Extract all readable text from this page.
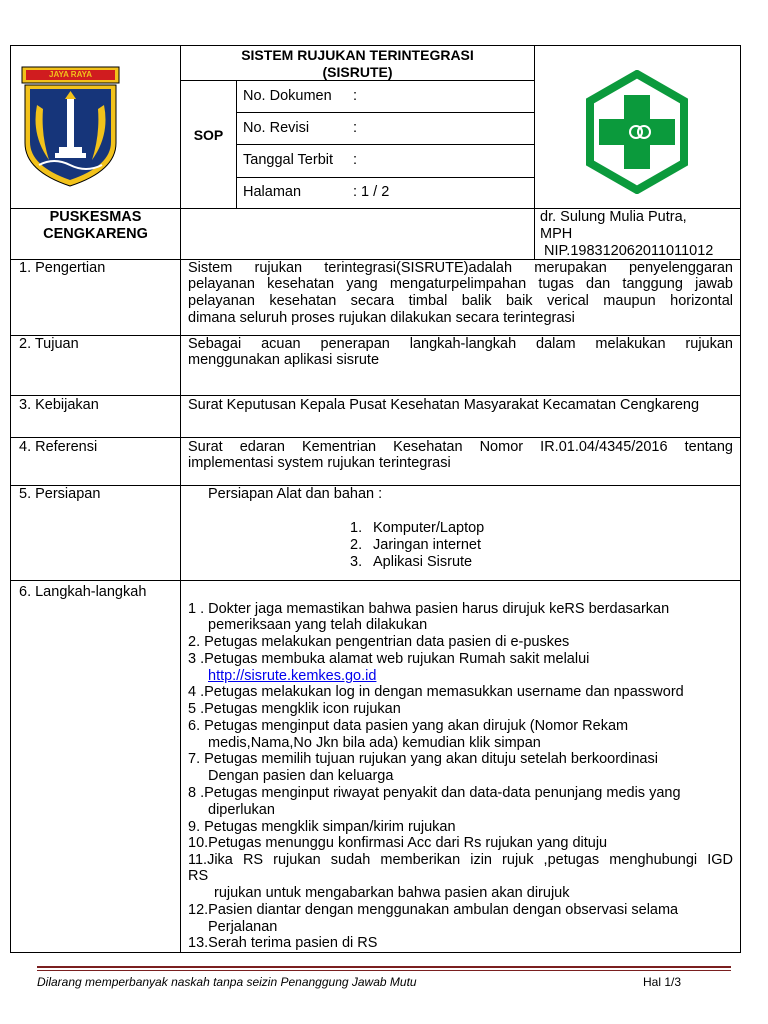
JAYA RAYA
SISTEM RUJUKAN TERINTEGRASI
(SISRUTE)
SOP
No. Dokumen :
No. Revisi	:
Tanggal Terbit :
Halaman	: 1 / 2
PUSKESMAS
CENGKARENG
dr. Sulung Mulia Putra,
MPH
NIP.198312062011011012
1. Pengertian	Sistem rujukan terintegrasi(SISRUTE)adalah merupakan penyelenggaran
pelayanan kesehatan yang mengaturpelimpahan tugas dan tanggung jawab
pelayanan kesehatan secara timbal balik baik verical maupun horizontal
dimana seluruh proses rujukan dilakukan secara terintegrasi
2. Tujuan	Sebagai acuan penerapan langkah-langkah dalam melakukan rujukan
menggunakan aplikasi sisrute
3. Kebijakan	Surat Keputusan Kepala Pusat Kesehatan Masyarakat Kecamatan Cengkareng
4. Referensi	Surat edaran Kementrian Kesehatan Nomor IR.01.04/4345/2016 tentang
implementasi system rujukan terintegrasi
5. Persiapan	Persiapan Alat dan bahan :
1. Komputer/Laptop
2. Jaringan internet
3. Aplikasi Sisrute
6. Langkah-langkah
1 . Dokter jaga memastikan bahwa pasien harus dirujuk keRS berdasarkan
pemeriksaan yang telah dilakukan
2. Petugas melakukan pengentrian data pasien di e-puskes
3 .Petugas membuka alamat web rujukan Rumah sakit melalui
http://sisrute.kemkes.go.id
4 .Petugas melakukan log in dengan memasukkan username dan npassword
5 .Petugas mengklik icon rujukan
6. Petugas menginput data pasien yang akan dirujuk (Nomor Rekam
medis,Nama,No Jkn bila ada) kemudian klik simpan
7. Petugas memilih tujuan rujukan yang akan dituju setelah berkoordinasi
Dengan pasien dan keluarga
8 .Petugas menginput riwayat penyakit dan data-data penunjang medis yang
diperlukan
9. Petugas mengklik simpan/kirim rujukan
10.Petugas menunggu konfirmasi Acc dari Rs rujukan yang dituju
11.Jika RS rujukan sudah memberikan izin rujuk ,petugas menghubungi IGD
RS
rujukan untuk mengabarkan bahwa pasien akan dirujuk
12.Pasien diantar dengan menggunakan ambulan dengan observasi selama
Perjalanan
13.Serah terima pasien di RS
Dilarang memperbanyak naskah tanpa seizin Penanggung Jawab Mutu	Hal 1/3
